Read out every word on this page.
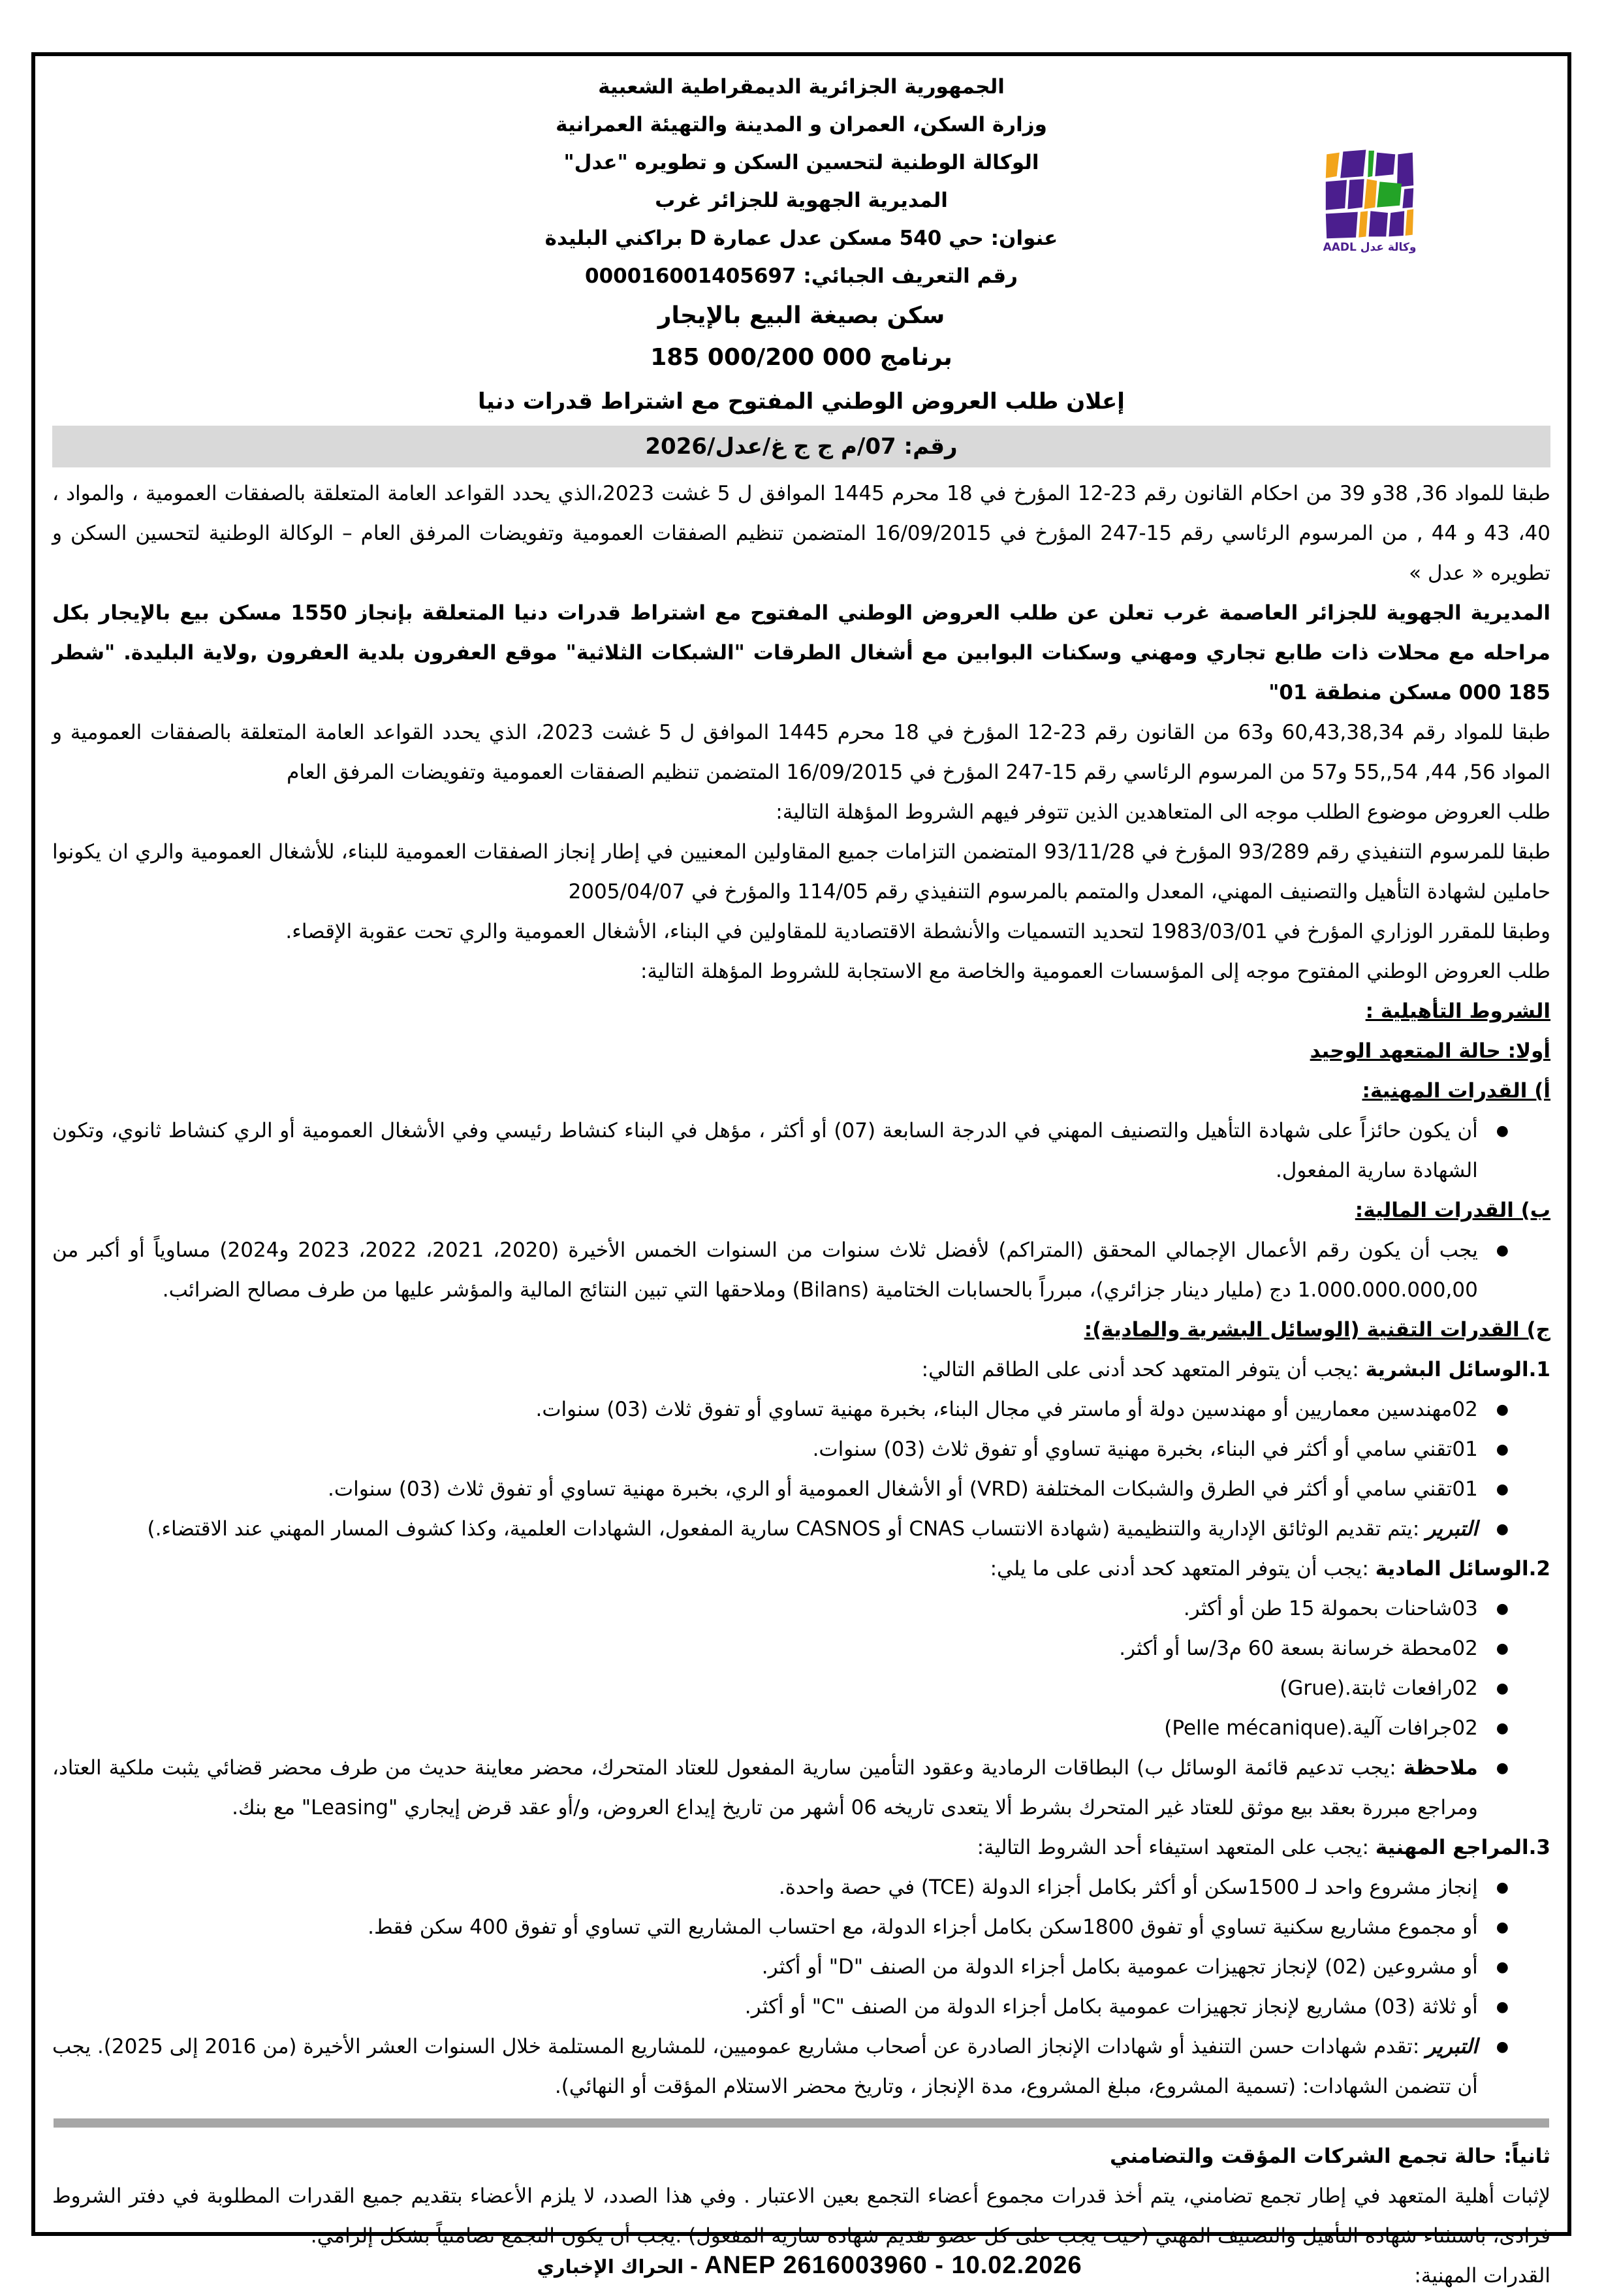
وكالة عدل AADL
الجمهورية الجزائرية الديمقراطية الشعبية
وزارة السكن، العمران و المدينة والتهيئة العمرانية
الوكالة الوطنية لتحسين السكن و تطويره "عدل"
المديرية الجهوية للجزائر غرب
عنوان: حي 540 مسكن عدل عمارة D براكني البليدة
رقم التعريف الجبائي: 000016001405697
سكن بصيغة البيع بالإيجار
برنامج 185 000/200 000
إعلان طلب العروض الوطني المفتوح مع اشتراط قدرات دنيا
رقم: 07/م ج ج غ/عدل/2026
طبقا للمواد 36, 38و 39 من احكام القانون رقم 23-12 المؤرخ في 18 محرم 1445 الموافق ل 5 غشت 2023،الذي يحدد القواعد العامة المتعلقة بالصفقات العمومية ، والمواد ، 40، 43 و 44 , من المرسوم الرئاسي رقم 15-247 المؤرخ في 16/09/2015 المتضمن تنظيم الصفقات العمومية وتفويضات المرفق العام – الوكالة الوطنية لتحسين السكن و تطويره « عدل »
المديرية الجهوية للجزائر العاصمة غرب تعلن عن طلب العروض الوطني المفتوح مع اشتراط قدرات دنيا المتعلقة بإنجاز 1550 مسكن بيع بالإيجار بكل مراحله مع محلات ذات طابع تجاري ومهني وسكنات البوابين مع أشغال الطرقات "الشبكات الثلاثية" موقع العفرون بلدية العفرون ,ولاية البليدة. "شطر 185 000 مسكن منطقة 01"
طبقا للمواد رقم 60,43,38,34 و63 من القانون رقم 23-12 المؤرخ في 18 محرم 1445 الموافق ل 5 غشت 2023، الذي يحدد القواعد العامة المتعلقة بالصفقات العمومية و المواد 56, 44, 54,,55 و57 من المرسوم الرئاسي رقم 15-247 المؤرخ في 16/09/2015 المتضمن تنظيم الصفقات العمومية وتفويضات المرفق العام
طلب العروض موضوع الطلب موجه الى المتعاهدين الذين تتوفر فيهم الشروط المؤهلة التالية:
طبقا للمرسوم التنفيذي رقم 93/289 المؤرخ في 93/11/28 المتضمن التزامات جميع المقاولين المعنيين في إطار إنجاز الصفقات العمومية للبناء، للأشغال العمومية والري ان يكونوا حاملين لشهادة التأهيل والتصنيف المهني، المعدل والمتمم بالمرسوم التنفيذي رقم 114/05 والمؤرخ في 2005/04/07
وطبقا للمقرر الوزاري المؤرخ في 1983/03/01 لتحديد التسميات والأنشطة الاقتصادية للمقاولين في البناء، الأشغال العمومية والري تحت عقوبة الإقصاء.
طلب العروض الوطني المفتوح موجه إلى المؤسسات العمومية والخاصة مع الاستجابة للشروط المؤهلة التالية:
الشروط التأهيلية :
أولا: حالة المتعهد الوحيد
أ) القدرات المهنية:
●
أن يكون حائزاً على شهادة التأهيل والتصنيف المهني في الدرجة السابعة (07) أو أكثر ، مؤهل في البناء كنشاط رئيسي وفي الأشغال العمومية أو الري كنشاط ثانوي، وتكون الشهادة سارية المفعول.
ب) القدرات المالية:
●
يجب أن يكون رقم الأعمال الإجمالي المحقق (المتراكم) لأفضل ثلاث سنوات من السنوات الخمس الأخيرة (2020، 2021، 2022، 2023 و2024) مساوياً أو أكبر من 1.000.000.000,00 دج (مليار دينار جزائري)، مبرراً بالحسابات الختامية (Bilans) وملاحقها التي تبين النتائج المالية والمؤشر عليها من طرف مصالح الضرائب.
ج) القدرات التقنية (الوسائل البشرية والمادية):
1.الوسائل البشرية :يجب أن يتوفر المتعهد كحد أدنى على الطاقم التالي:
●
02مهندسين معماريين أو مهندسين دولة أو ماستر في مجال البناء، بخبرة مهنية تساوي أو تفوق ثلاث (03) سنوات.
●
01تقني سامي أو أكثر في البناء، بخبرة مهنية تساوي أو تفوق ثلاث (03) سنوات.
●
01تقني سامي أو أكثر في الطرق والشبكات المختلفة (VRD) أو الأشغال العمومية أو الري، بخبرة مهنية تساوي أو تفوق ثلاث (03) سنوات.
●
التبرير :يتم تقديم الوثائق الإدارية والتنظيمية (شهادة الانتساب CNAS أو CASNOS سارية المفعول، الشهادات العلمية، وكذا كشوف المسار المهني عند الاقتضاء.)
2.الوسائل المادية :يجب أن يتوفر المتعهد كحد أدنى على ما يلي:
●
03شاحنات بحمولة 15 طن أو أكثر.
●
02محطة خرسانة بسعة 60 م3/سا أو أكثر.
●
02رافعات ثابتة.(Grue)
●
02جرافات آلية.(Pelle mécanique)
●
ملاحظة :يجب تدعيم قائمة الوسائل ب) البطاقات الرمادية وعقود التأمين سارية المفعول للعتاد المتحرك، محضر معاينة حديث من طرف محضر قضائي يثبت ملكية العتاد، ومراجع مبررة بعقد بيع موثق للعتاد غير المتحرك بشرط ألا يتعدى تاريخه 06 أشهر من تاريخ إيداع العروض، و/أو عقد قرض إيجاري "Leasing" مع بنك.
3.المراجع المهنية :يجب على المتعهد استيفاء أحد الشروط التالية:
●
إنجاز مشروع واحد لـ 1500سكن أو أكثر بكامل أجزاء الدولة (TCE) في حصة واحدة.
●
أو مجموع مشاريع سكنية تساوي أو تفوق 1800سكن بكامل أجزاء الدولة، مع احتساب المشاريع التي تساوي أو تفوق 400 سكن فقط.
●
أو مشروعين (02) لإنجاز تجهيزات عمومية بكامل أجزاء الدولة من الصنف "D" أو أكثر.
●
أو ثلاثة (03) مشاريع لإنجاز تجهيزات عمومية بكامل أجزاء الدولة من الصنف "C" أو أكثر.
●
التبرير :تقدم شهادات حسن التنفيذ أو شهادات الإنجاز الصادرة عن أصحاب مشاريع عموميين، للمشاريع المستلمة خلال السنوات العشر الأخيرة (من 2016 إلى 2025). يجب أن تتضمن الشهادات: (تسمية المشروع، مبلغ المشروع، مدة الإنجاز ، وتاريخ محضر الاستلام المؤقت أو النهائي).
ثانياً: حالة تجمع الشركات المؤقت والتضامني
لإثبات أهلية المتعهد في إطار تجمع تضامني، يتم أخذ قدرات مجموع أعضاء التجمع بعين الاعتبار . وفي هذا الصدد، لا يلزم الأعضاء بتقديم جميع القدرات المطلوبة في دفتر الشروط فرادى، باستثناء شهادة التأهيل والتصنيف المهني (حيث يجب على كل عضو تقديم شهادة سارية المفعول) .يجب أن يكون التجمع تضامنياً بشكل إلزامي.
القدرات المهنية:
الحراك الإخباري - ANEP 2616003960 - 10.02.2026
